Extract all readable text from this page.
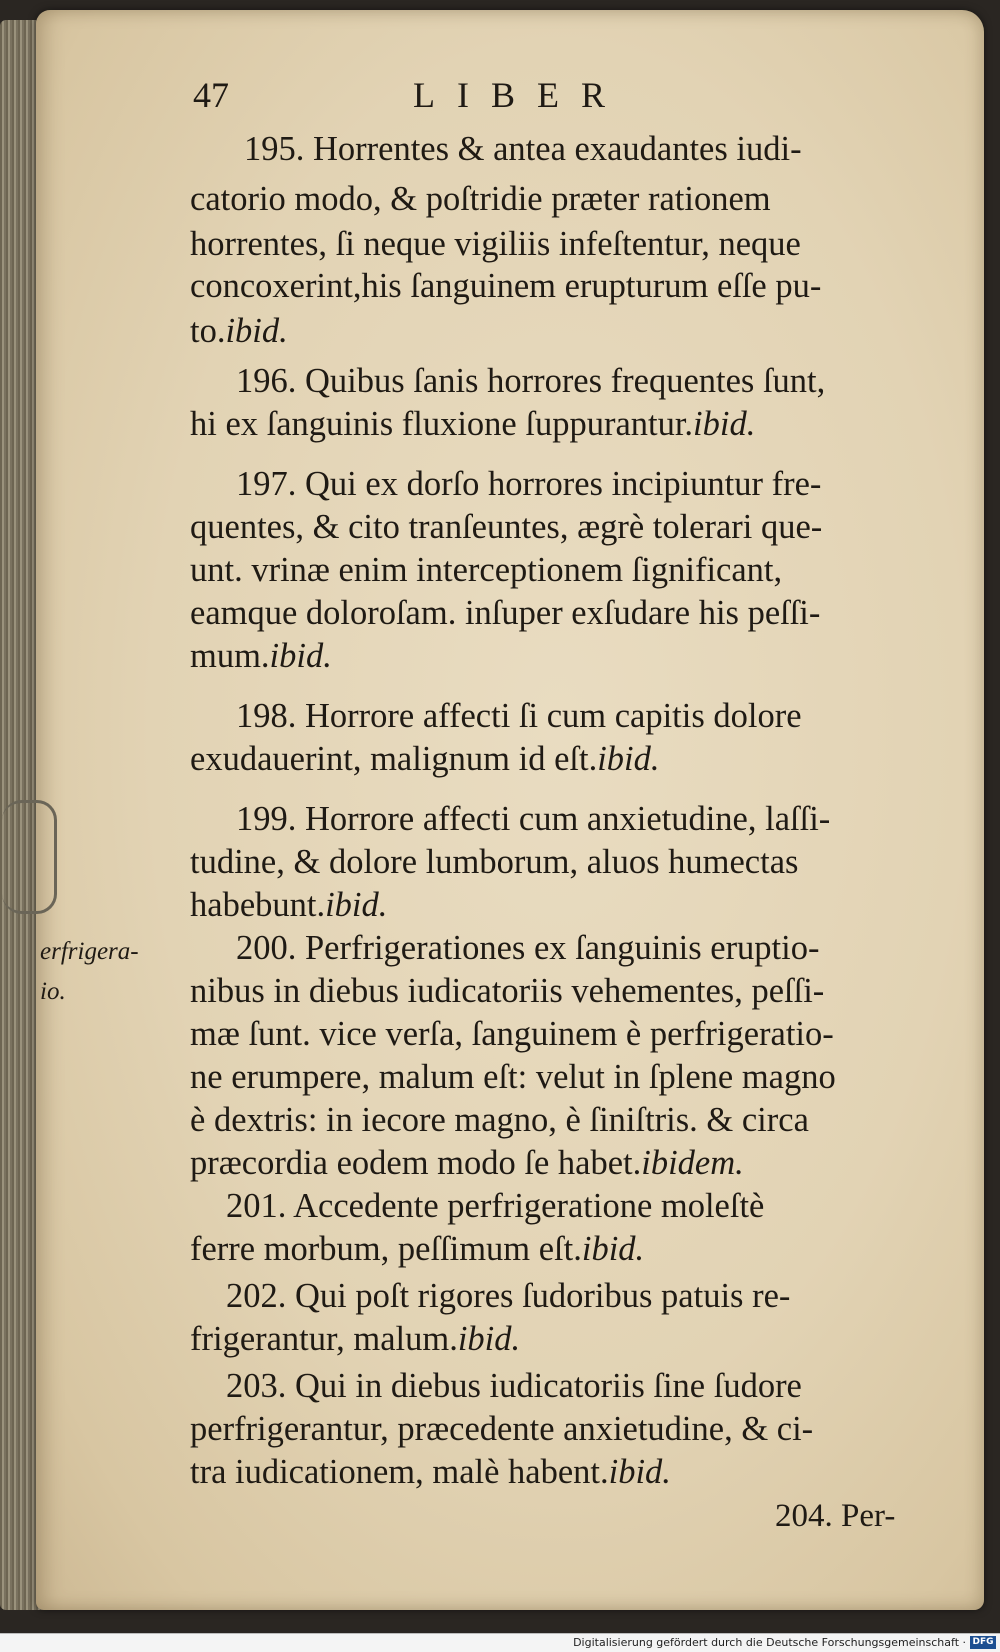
47	LIBER
195. Horrentes & antea exaudantes iudi-
catorio modo, & poſtridie præter rationem
horrentes, ſi neque vigiliis infeſtentur, neque
concoxerint,his ſanguinem erupturum eſſe pu-
to.ibid.
196. Quibus ſanis horrores frequentes ſunt,
hi ex ſanguinis fluxione ſuppurantur.ibid.
197. Qui ex dorſo horrores incipiuntur fre-
quentes, & cito tranſeuntes, ægrè tolerari que-
unt. vrinæ enim interceptionem ſignificant,
eamque doloroſam. inſuper exſudare his peſſi-
mum.ibid.
198. Horrore affecti ſi cum capitis dolore
exudauerint, malignum id eſt.ibid.
199. Horrore affecti cum anxietudine, laſſi-
tudine, & dolore lumborum, aluos humectas
habebunt.ibid.
200. Perfrigerationes ex ſanguinis eruptio-
nibus in diebus iudicatoriis vehementes, peſſi-
mæ ſunt. vice verſa, ſanguinem è perfrigeratio-
ne erumpere, malum eſt: velut in ſplene magno
è dextris: in iecore magno, è ſiniſtris. & circa
præcordia eodem modo ſe habet.ibidem.
201. Accedente perfrigeratione moleſtè
ferre morbum, peſſimum eſt.ibid.
202. Qui poſt rigores ſudoribus patuis re-
frigerantur, malum.ibid.
203. Qui in diebus iudicatoriis ſine ſudore
perfrigerantur, præcedente anxietudine, & ci-
tra iudicationem, malè habent.ibid.
erfrigera-
io.
204. Per-
Digitalisierung gefördert durch die Deutsche Forschungsgemeinschaft · DFG
